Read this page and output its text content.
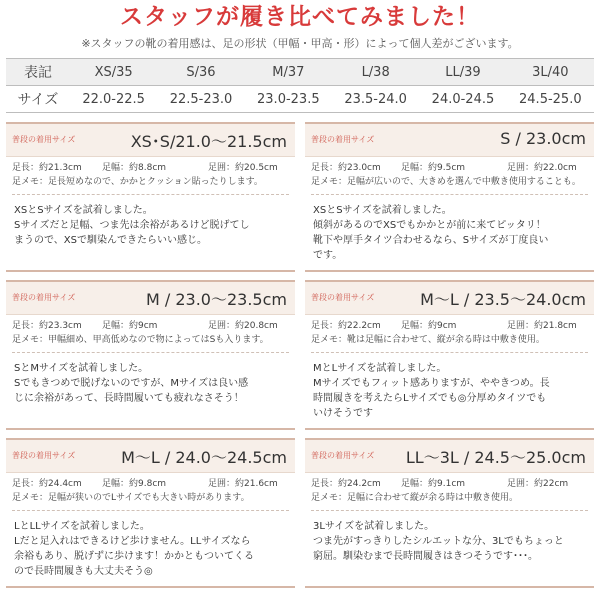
スタッフが履き比べてみました！
※スタッフの靴の着用感は、足の形状（甲幅・甲高・形）によって個人差がございます。
表記	XS/35	S/36	M/37	L/38	LL/39	3L/40
サイズ	22.0-22.5	22.5-23.0	23.0-23.5	23.5-24.0	24.0-24.5	24.5-25.0
普段の着用サイズ	XS･S/21.0～21.5cm
足長：約21.3cm 足幅：約8.8cm	足囲：約20.5cm
足メモ：足長短めなので、かかとクッション貼ったりします。
XSとSサイズを試着しました。
Sサイズだと足幅、つま先は余裕があるけど脱げてし
まうので、XSで馴染んできたらいい感じ。
普段の着用サイズ	S / 23.0cm
足長：約23.0cm 足幅：約9.5cm	足囲：約22.0cm
足メモ：足幅が広いので、大きめを選んで中敷き使用することも。
XSとSサイズを試着しました。
傾斜があるのでXSでもかかとが前に来てピッタリ！
靴下や厚手タイツ合わせるなら、Sサイズが丁度良い
です。
普段の着用サイズ	M / 23.0～23.5cm
足長：約23.3cm 足幅：約9cm	足囲：約20.8cm
足メモ：甲幅細め、甲高低めなので物によってはSも入ります。
SとMサイズを試着しました。
Sでもきつめで脱げないのですが、Mサイズは良い感
じに余裕があって、長時間履いても疲れなさそう！
普段の着用サイズ	M～L / 23.5～24.0cm
足長：約22.2cm 足幅：約9cm	足囲：約21.8cm
足メモ：靴は足幅に合わせて、縦が余る時は中敷き使用。
MとLサイズを試着しました。
Mサイズでもフィット感ありますが、ややきつめ。長
時間履きを考えたらLサイズでも◎分厚めタイツでも
いけそうです
普段の着用サイズ	M～L / 24.0～24.5cm
足長：約24.4cm 足幅：約9.8cm	足囲：約21.6cm
足メモ：足幅が狭いのでLサイズでも大きい時があります。
LとLLサイズを試着しました。
Lだと足入れはできるけど歩けません。LLサイズなら
余裕もあり、脱げずに歩けます！かかともついてくる
ので長時間履きも大丈夫そう◎
普段の着用サイズ LL～3L / 24.5～25.0cm
足長：約24.2cm 足幅：約9.1cm	足囲：約22cm
足メモ：足幅に合わせて縦が余る時は中敷き使用。
3Lサイズを試着しました。
つま先がすっきりしたシルエットな分、3Lでもちょっと
窮屈。馴染むまで長時間履きはきつそうです･･･。
